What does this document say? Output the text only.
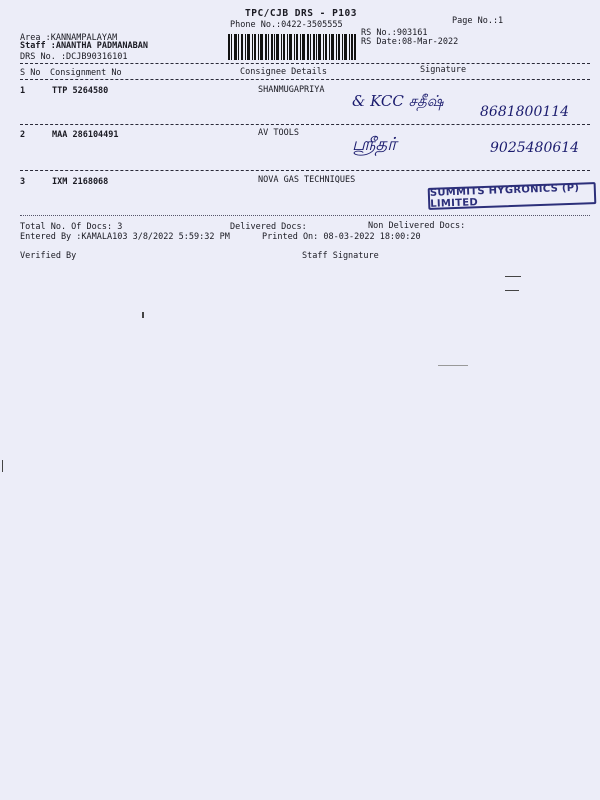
TPC/CJB DRS - P103
Phone No.:0422-3505555	Page No.:1
RS No.:903161
RS Date:08-Mar-2022
Area :KANNAMPALAYAM
Staff :ANANTHA PADMANABAN
DRS No. :DCJB90316101
S No Consignment No	Consignee Details	Signature
1	TTP 5264580	SHANMUGAPRIYA
& KCC சதீஷ்
8681800114
2	MAA 286104491	AV TOOLS
ஸ்ரீதர்	9025480614
3	IXM 2168068	NOVA GAS TECHNIQUES
SUMMITS HYGRONICS (P) LIMITED
Total No. Of Docs: 3	Delivered Docs:	Non Delivered Docs:
Entered By :KAMALA103 3/8/2022 5:59:32 PM	Printed On: 08-03-2022 18:00:20
Verified By	Staff Signature
